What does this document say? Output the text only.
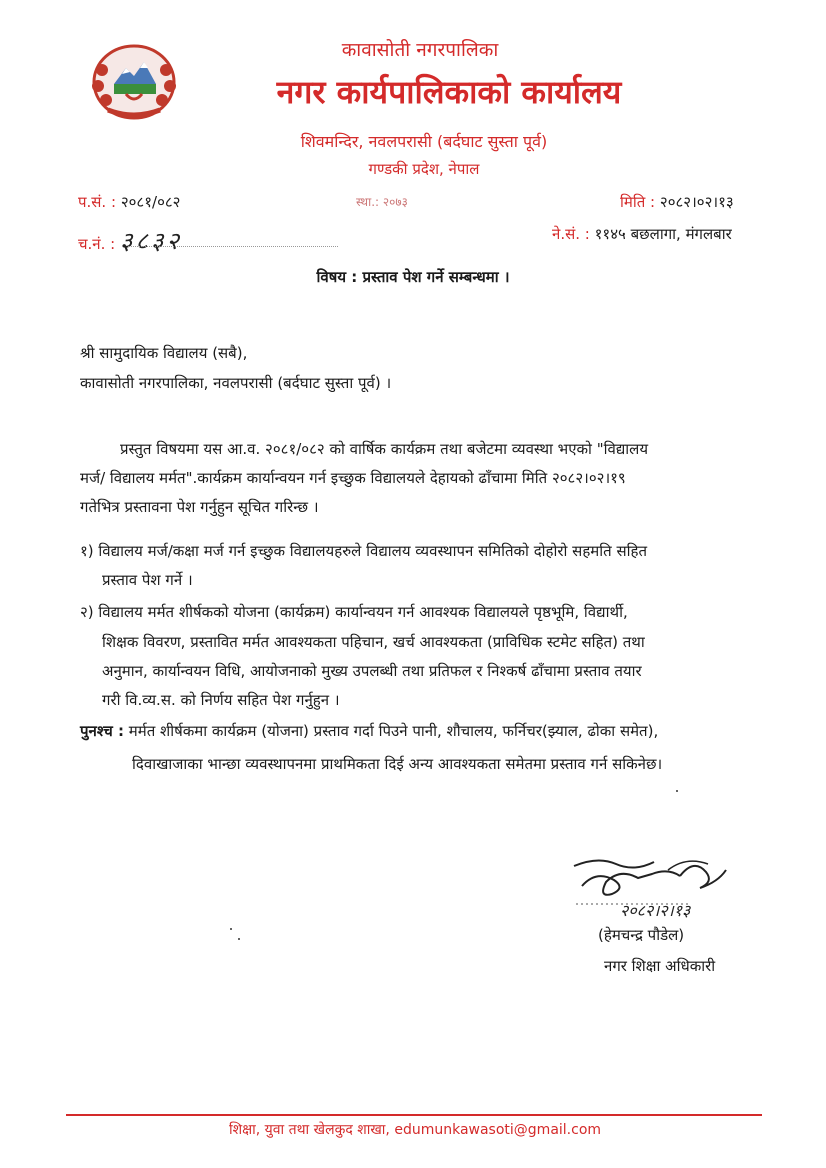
कावासोती नगरपालिका
नगर कार्यपालिकाको कार्यालय
शिवमन्दिर, नवलपरासी (बर्दघाट सुस्ता पूर्व)
गण्डकी प्रदेश, नेपाल
प.सं. : २०८१/०८२
च.नं. : ३८३२
स्था.: २०७३	मिति : २०८२।०२।१३
ने.सं. : ११४५ बछलागा, मंगलबार
विषय : प्रस्ताव पेश गर्ने सम्बन्धमा ।
श्री सामुदायिक विद्यालय (सबै),
कावासोती नगरपालिका, नवलपरासी (बर्दघाट सुस्ता पूर्व) ।
प्रस्तुत विषयमा यस आ.व. २०८१/०८२ को वार्षिक कार्यक्रम तथा बजेटमा व्यवस्था भएको "विद्यालय
मर्ज/ विद्यालय मर्मत".कार्यक्रम कार्यान्वयन गर्न इच्छुक विद्यालयले देहायको ढाँचामा मिति २०८२।०२।१९
गतेभित्र प्रस्तावना पेश गर्नुहुन सूचित गरिन्छ ।
१) विद्यालय मर्ज/कक्षा मर्ज गर्न इच्छुक विद्यालयहरुले विद्यालय व्यवस्थापन समितिको दोहोरो सहमति सहित
प्रस्ताव पेश गर्ने ।
२) विद्यालय मर्मत शीर्षकको योजना (कार्यक्रम) कार्यान्वयन गर्न आवश्यक विद्यालयले पृष्ठभूमि, विद्यार्थी,
शिक्षक विवरण, प्रस्तावित मर्मत आवश्यकता पहिचान, खर्च आवश्यकता (प्राविधिक स्टमेट सहित) तथा
अनुमान, कार्यान्वयन विधि, आयोजनाको मुख्य उपलब्धी तथा प्रतिफल र निश्कर्ष ढाँचामा प्रस्ताव तयार
गरी वि.व्य.स. को निर्णय सहित पेश गर्नुहुन ।
पुनश्च : मर्मत शीर्षकमा कार्यक्रम (योजना) प्रस्ताव गर्दा पिउने पानी, शौचालय, फर्निचर(झ्याल, ढोका समेत),
दिवाखाजाका भान्छा व्यवस्थापनमा प्राथमिकता दिई अन्य आवश्यकता समेतमा प्रस्ताव गर्न सकिनेछ।
२०८२।२।१३
(हेमचन्द्र पौडेल)
नगर शिक्षा अधिकारी
शिक्षा, युवा तथा खेलकुद शाखा, edumunkawasoti@gmail.com
